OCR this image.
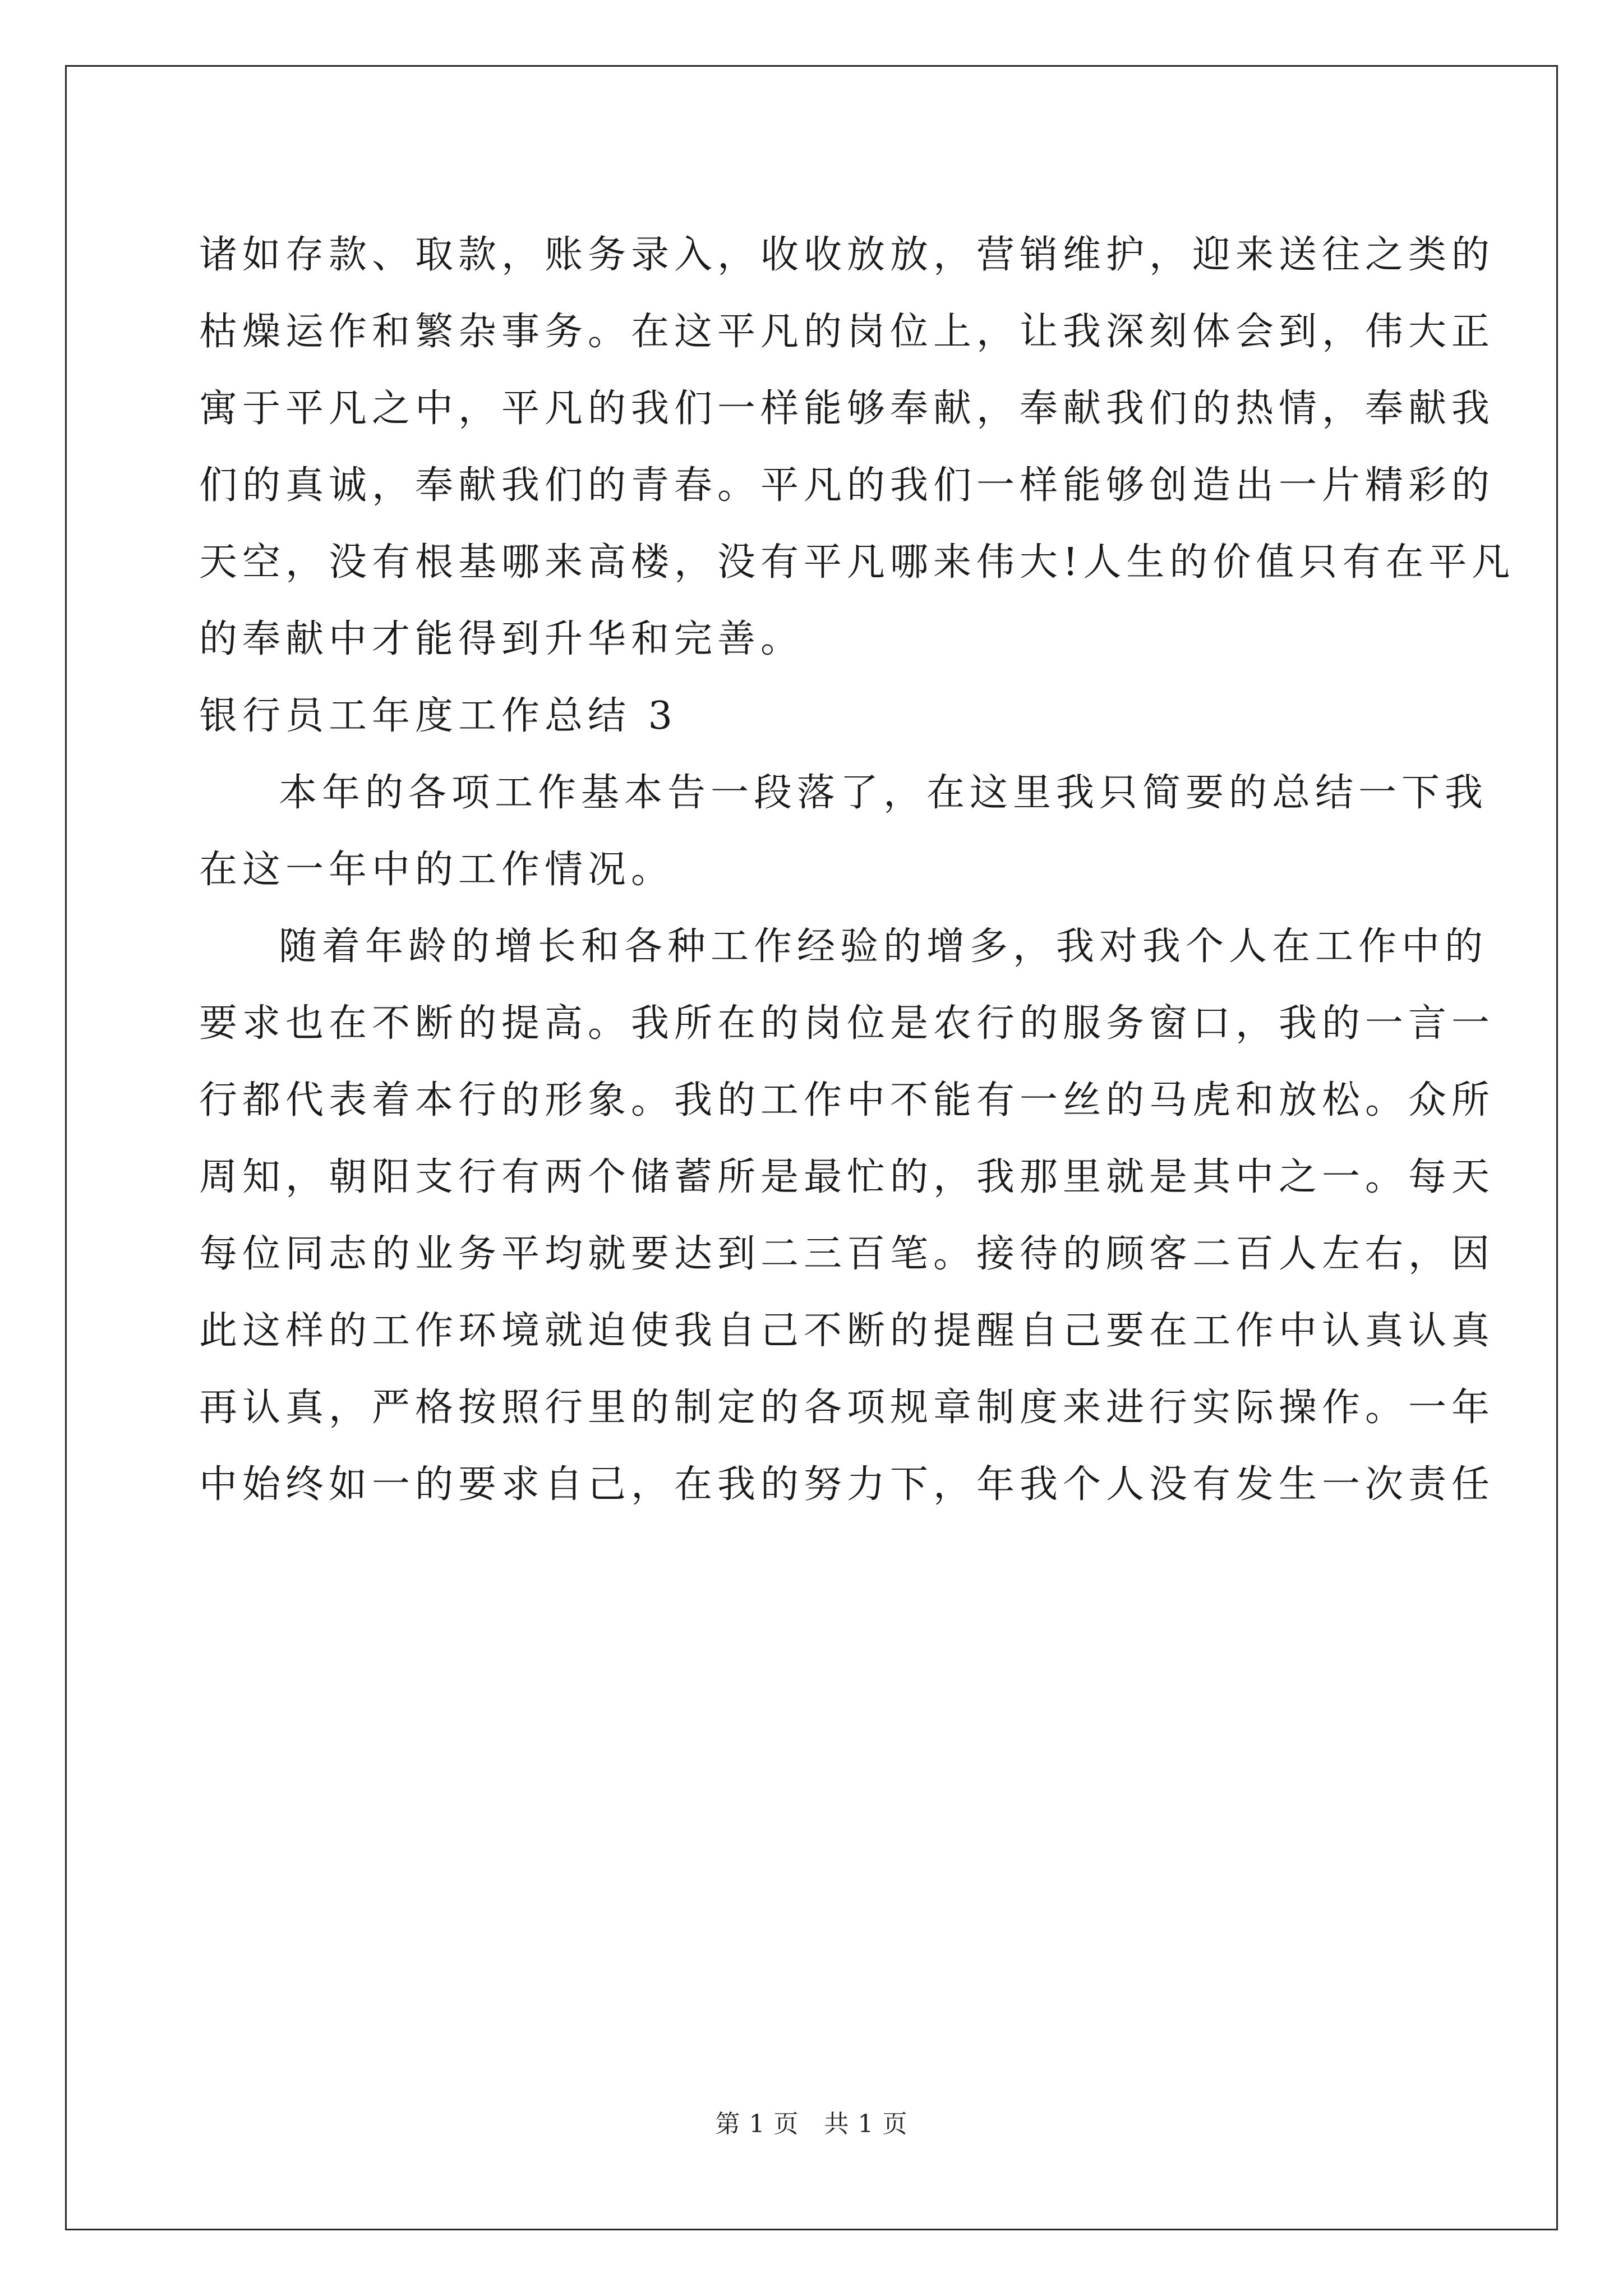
诸如存款、取款，账务录入，收收放放，营销维护，迎来送往之类的
枯燥运作和繁杂事务。在这平凡的岗位上，让我深刻体会到，伟大正
寓于平凡之中，平凡的我们一样能够奉献，奉献我们的热情，奉献我
们的真诚，奉献我们的青春。平凡的我们一样能够创造出一片精彩的
天空，没有根基哪来高楼，没有平凡哪来伟大!人生的价值只有在平凡
的奉献中才能得到升华和完善。
银行员工年度工作总结 3
本年的各项工作基本告一段落了，在这里我只简要的总结一下我
在这一年中的工作情况。
随着年龄的增长和各种工作经验的增多，我对我个人在工作中的
要求也在不断的提高。我所在的岗位是农行的服务窗口，我的一言一
行都代表着本行的形象。我的工作中不能有一丝的马虎和放松。众所
周知，朝阳支行有两个储蓄所是最忙的，我那里就是其中之一。每天
每位同志的业务平均就要达到二三百笔。接待的顾客二百人左右，因
此这样的工作环境就迫使我自己不断的提醒自己要在工作中认真认真
再认真，严格按照行里的制定的各项规章制度来进行实际操作。一年
中始终如一的要求自己，在我的努力下，年我个人没有发生一次责任
第 1 页　共 1 页
